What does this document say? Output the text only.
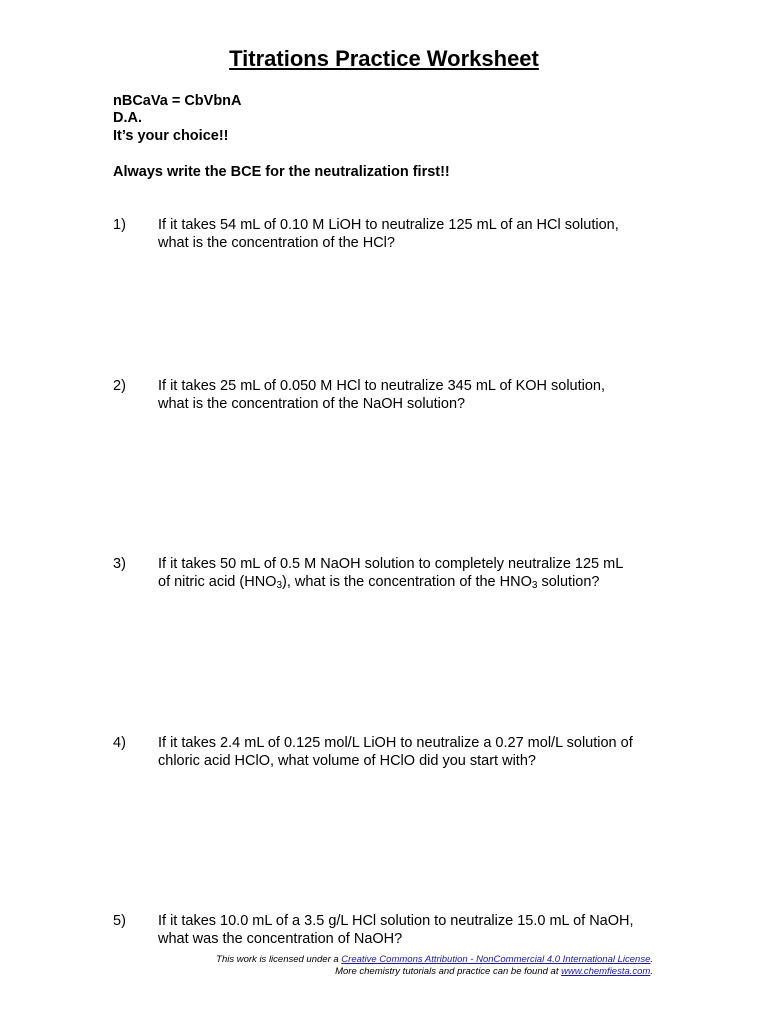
Titrations Practice Worksheet

nBCaVa = CbVbnA

D.A.

It’s your choice!!

Always write the BCE for the neutralization first!!

1) If it takes 54 mL of 0.10 M LiOH to neutralize 125 mL of an HCl solution,
what is the concentration of the HCl?
2) If it takes 25 mL of 0.050 M HCl to neutralize 345 mL of KOH solution,
what is the concentration of the NaOH solution?
3) If it takes 50 mL of 0.5 M NaOH solution to completely neutralize 125 mL
of nitric acid $(HNO_3)$, what is the concentration of the $HNO_3$ solution?
4) If it takes 2.4 mL of 0.125 mol/L LiOH to neutralize a 0.27 mol/L solution of
chloric acid HClO, what volume of HClO did you start with?
5) If it takes 10.0 mL of a 3.5 g/L HCl solution to neutralize 15.0 mL of NaOH,
what was the concentration of NaOH?
This work is licensed under a Creative Commons Attribution - NonCommercial 4.0 International License.
More chemistry tutorials and practice can be found at www.chemfiesta.com.
